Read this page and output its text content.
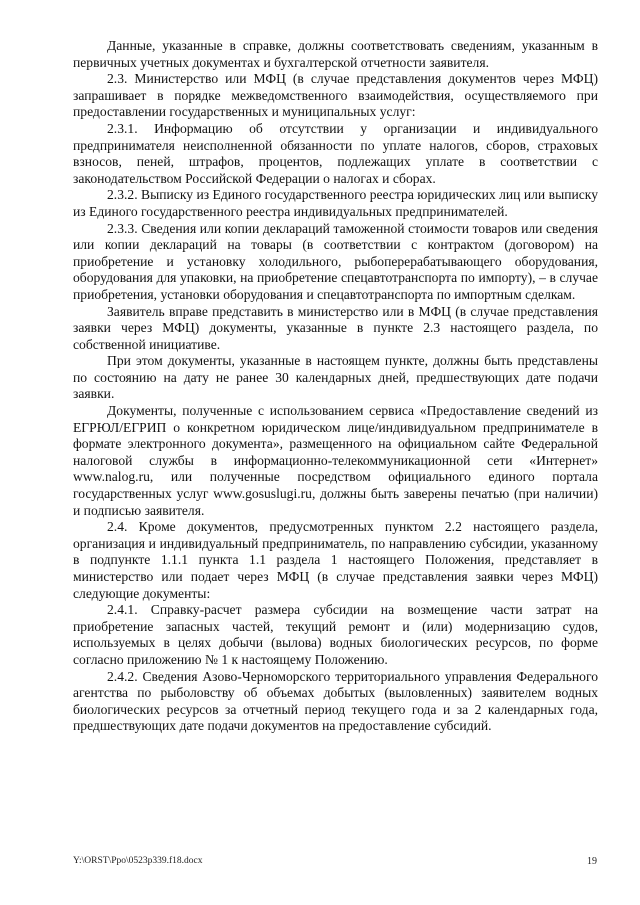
Данные, указанные в справке, должны соответствовать сведениям, указанным в первичных учетных документах и бухгалтерской отчетности заявителя.

2.3. Министерство или МФЦ (в случае представления документов через МФЦ) запрашивает в порядке межведомственного взаимодействия, осуществляемого при предоставлении государственных и муниципальных услуг:

2.3.1. Информацию об отсутствии у организации и индивидуального предпринимателя неисполненной обязанности по уплате налогов, сборов, страховых взносов, пеней, штрафов, процентов, подлежащих уплате в соответствии с законодательством Российской Федерации о налогах и сборах.

2.3.2. Выписку из Единого государственного реестра юридических лиц или выписку из Единого государственного реестра индивидуальных предпринимателей.

2.3.3. Сведения или копии деклараций таможенной стоимости товаров или сведения или копии деклараций на товары (в соответствии с контрактом (договором) на приобретение и установку холодильного, рыбоперерабатывающего оборудования, оборудования для упаковки, на приобретение спецавтотранспорта по импорту), – в случае приобретения, установки оборудования и спецавтотранспорта по импортным сделкам.

Заявитель вправе представить в министерство или в МФЦ (в случае представления заявки через МФЦ) документы, указанные в пункте 2.3 настоящего раздела, по собственной инициативе.

При этом документы, указанные в настоящем пункте, должны быть представлены по состоянию на дату не ранее 30 календарных дней, предшествующих дате подачи заявки.

Документы, полученные с использованием сервиса «Предоставление сведений из ЕГРЮЛ/ЕГРИП о конкретном юридическом лице/индивидуальном предпринимателе в формате электронного документа», размещенного на официальном сайте Федеральной налоговой службы в информационно-телекоммуникационной сети «Интернет» www.nalog.ru, или полученные посредством официального единого портала государственных услуг www.gosuslugi.ru, должны быть заверены печатью (при наличии) и подписью заявителя.

2.4. Кроме документов, предусмотренных пунктом 2.2 настоящего раздела, организация и индивидуальный предприниматель, по направлению субсидии, указанному в подпункте 1.1.1 пункта 1.1 раздела 1 настоящего Положения, представляет в министерство или подает через МФЦ (в случае представления заявки через МФЦ) следующие документы:

2.4.1. Справку-расчет размера субсидии на возмещение части затрат на приобретение запасных частей, текущий ремонт и (или) модернизацию судов, используемых в целях добычи (вылова) водных биологических ресурсов, по форме согласно приложению № 1 к настоящему Положению.

2.4.2. Сведения Азово-Черноморского территориального управления Федерального агентства по рыболовству об объемах добытых (выловленных) заявителем водных биологических ресурсов за отчетный период текущего года и за 2 календарных года, предшествующих дате подачи документов на предоставление субсидий.

Y:\ORST\Ppo\0523p339.f18.docx	19
